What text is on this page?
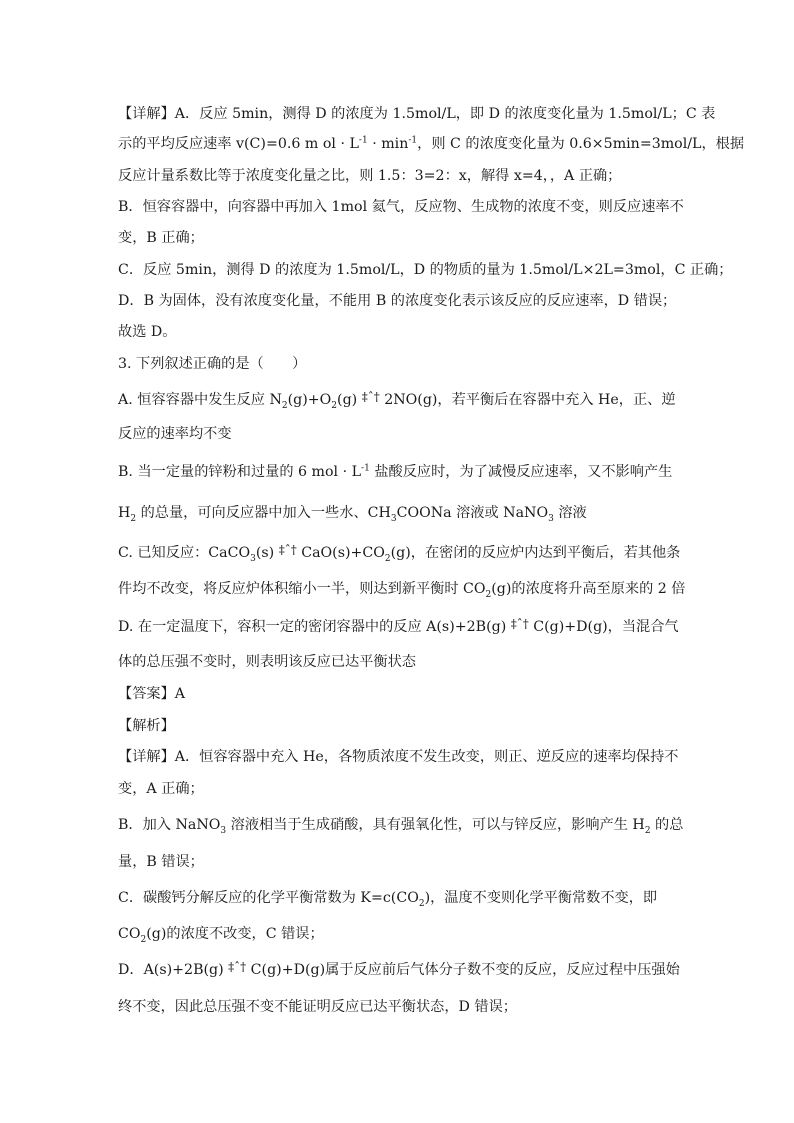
【详解】A．反应 5min，测得 D 的浓度为 1.5mol/L，即 D 的浓度变化量为 1.5mol/L；C 表
示的平均反应速率 v(C)=0.6 m ol · $L^{-1} \cdot \min^{-1}$，则 C 的浓度变化量为 0.6×5min=3mol/L，根据
反应计量系数比等于浓度变化量之比，则 1.5：3=2：x，解得 x=4，，A 正确；
B．恒容容器中，向容器中再加入 1mol 氦气，反应物、生成物的浓度不变，则反应速率不
变，B 正确；
C．反应 5min，测得 D 的浓度为 1.5mol/L，D 的物质的量为 1.5mol/L×2L=3mol，C 正确；
D．B 为固体，没有浓度变化量，不能用 B 的浓度变化表示该反应的反应速率，D 错误；
故选 D。
3. 下列叙述正确的是（　　）
A. 恒容容器中发生反应 $N_2(g)+O_2(g)$ $^{\ddagger ˆ\dagger}$ 2NO(g)，若平衡后在容器中充入 He，正、逆
反应的速率均不变
B. 当一定量的锌粉和过量的 6 mol · $L^{-1}$ 盐酸反应时，为了减慢反应速率，又不影响产生
$H_2$ 的总量，可向反应器中加入一些水、$CH_3COONa$ 溶液或 NaNO$_3$ 溶液
C. 已知反应：CaCO$_3$(s) $^{\ddagger ˆ\dagger}$ $CaO(s)+CO_2(g)$，在密闭的反应炉内达到平衡后，若其他条
件均不改变，将反应炉体积缩小一半，则达到新平衡时 $CO_2(g)$的浓度将升高至原来的 2 倍
D. 在一定温度下，容积一定的密闭容器中的反应 A(s)+2B(g) $^{\ddagger ˆ\dagger}$ C(g)+D(g)，当混合气
体的总压强不变时，则表明该反应已达平衡状态
【答案】A
【解析】
【详解】A．恒容容器中充入 He，各物质浓度不发生改变，则正、逆反应的速率均保持不
变，A 正确；
B．加入 NaNO$_3$ 溶液相当于生成硝酸，具有强氧化性，可以与锌反应，影响产生 $H_2$ 的总
量，B 错误；
C．碳酸钙分解反应的化学平衡常数为 $K=c(CO_2)$，温度不变则化学平衡常数不变，即
$CO_2(g)$的浓度不改变，C 错误；
D．A(s)+2B(g) $^{\ddagger ˆ\dagger}$ C(g)+D(g)属于反应前后气体分子数不变的反应，反应过程中压强始
终不变，因此总压强不变不能证明反应已达平衡状态，D 错误；
